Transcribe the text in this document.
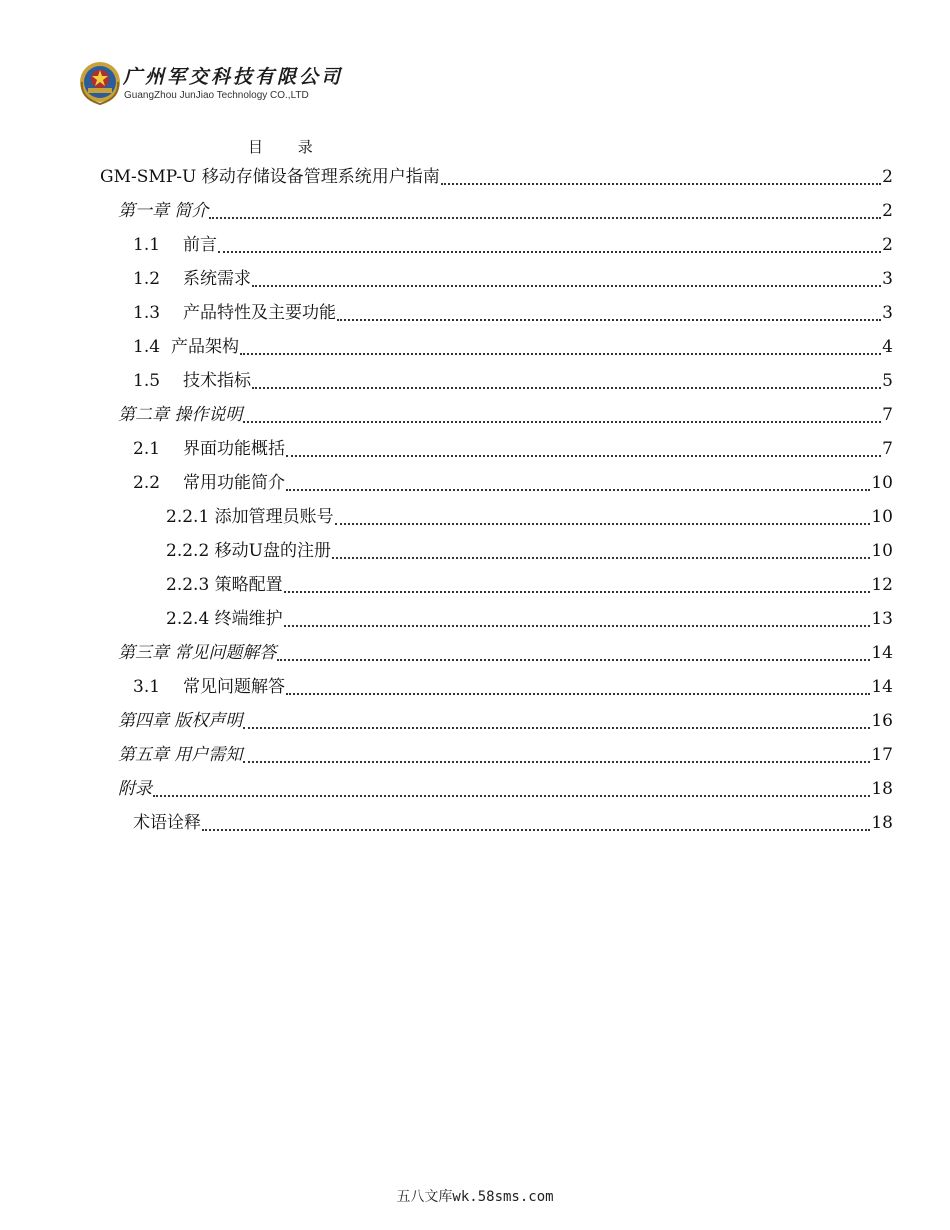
广州军交科技有限公司
GuangZhou JunJiao Technology CO.,LTD
目 录
GM-SMP-U 移动存储设备管理系统用户指南	2
第一章 简介	2
1.1 前言	2
1.2 系统需求	3
1.3 产品特性及主要功能	3
1.4 产品架构	4
1.5 技术指标	5
第二章 操作说明	7
2.1 界面功能概括	7
2.2 常用功能简介	10
2.2.1 添加管理员账号	10
2.2.2 移动U盘的注册	10
2.2.3 策略配置	12
2.2.4 终端维护	13
第三章 常见问题解答	14
3.1 常见问题解答	14
第四章 版权声明	16
第五章 用户需知	17
附录	18
术语诠释	18
五八文库wk.58sms.com
